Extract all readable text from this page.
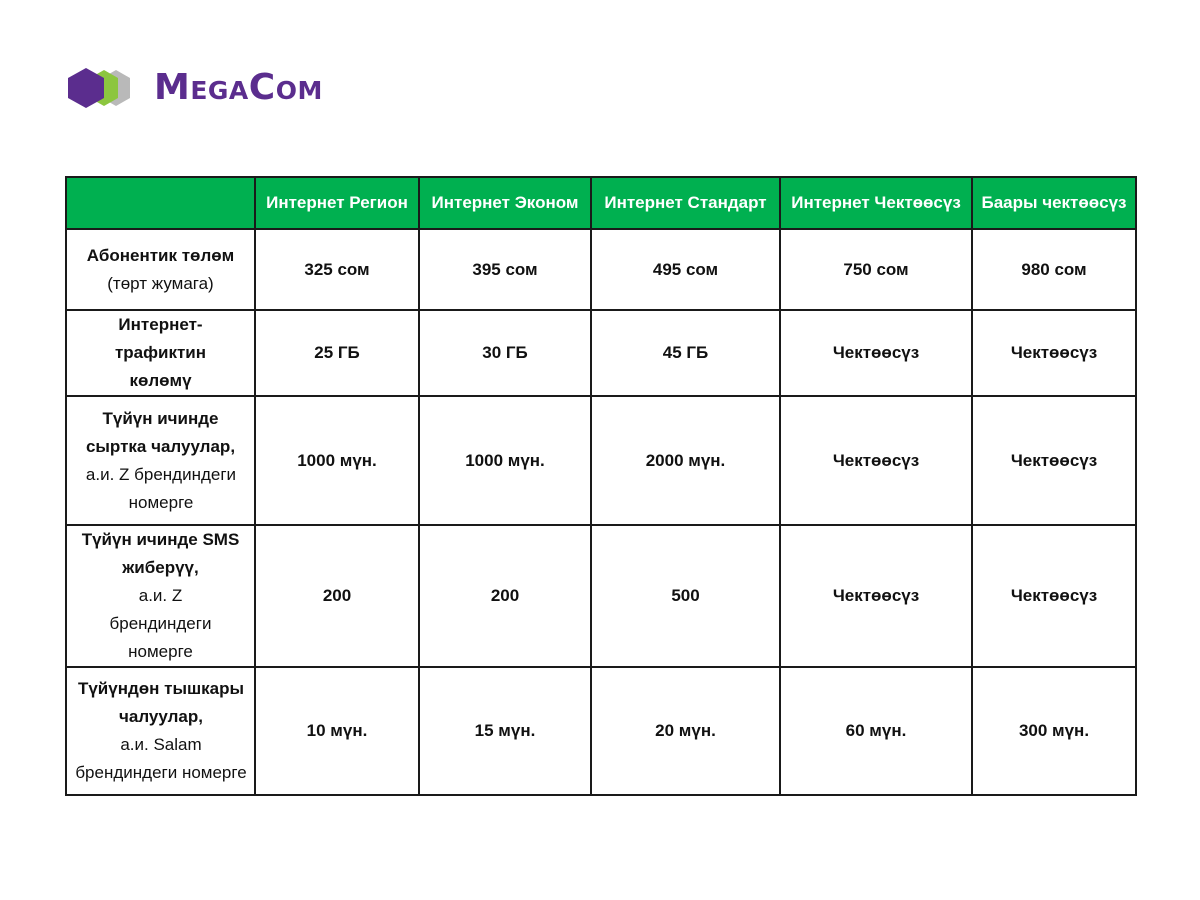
MegaCom
	Интернет Регион	Интернет Эконом	Интернет Стандарт	Интернет Чектөөсүз	Баары чектөөсүз
Абонентик төлөм
(төрт жумага)	325 сом	395 сом	495 сом	750 сом	980 сом
Интернет-трафиктин көлөмү	25 ГБ	30 ГБ	45 ГБ	Чектөөсүз	Чектөөсүз
Түйүн ичинде сыртка чалуулар, а.и. Z брендиндеги номерге	1000 мүн.	1000 мүн.	2000 мүн.	Чектөөсүз	Чектөөсүз
Түйүн ичинде SMS жиберүү, а.и. Z брендиндеги номерге	200	200	500	Чектөөсүз	Чектөөсүз
Түйүндөн тышкары чалуулар, а.и. Salam брендиндеги номерге	10 мүн.	15 мүн.	20 мүн.	60 мүн.	300 мүн.
